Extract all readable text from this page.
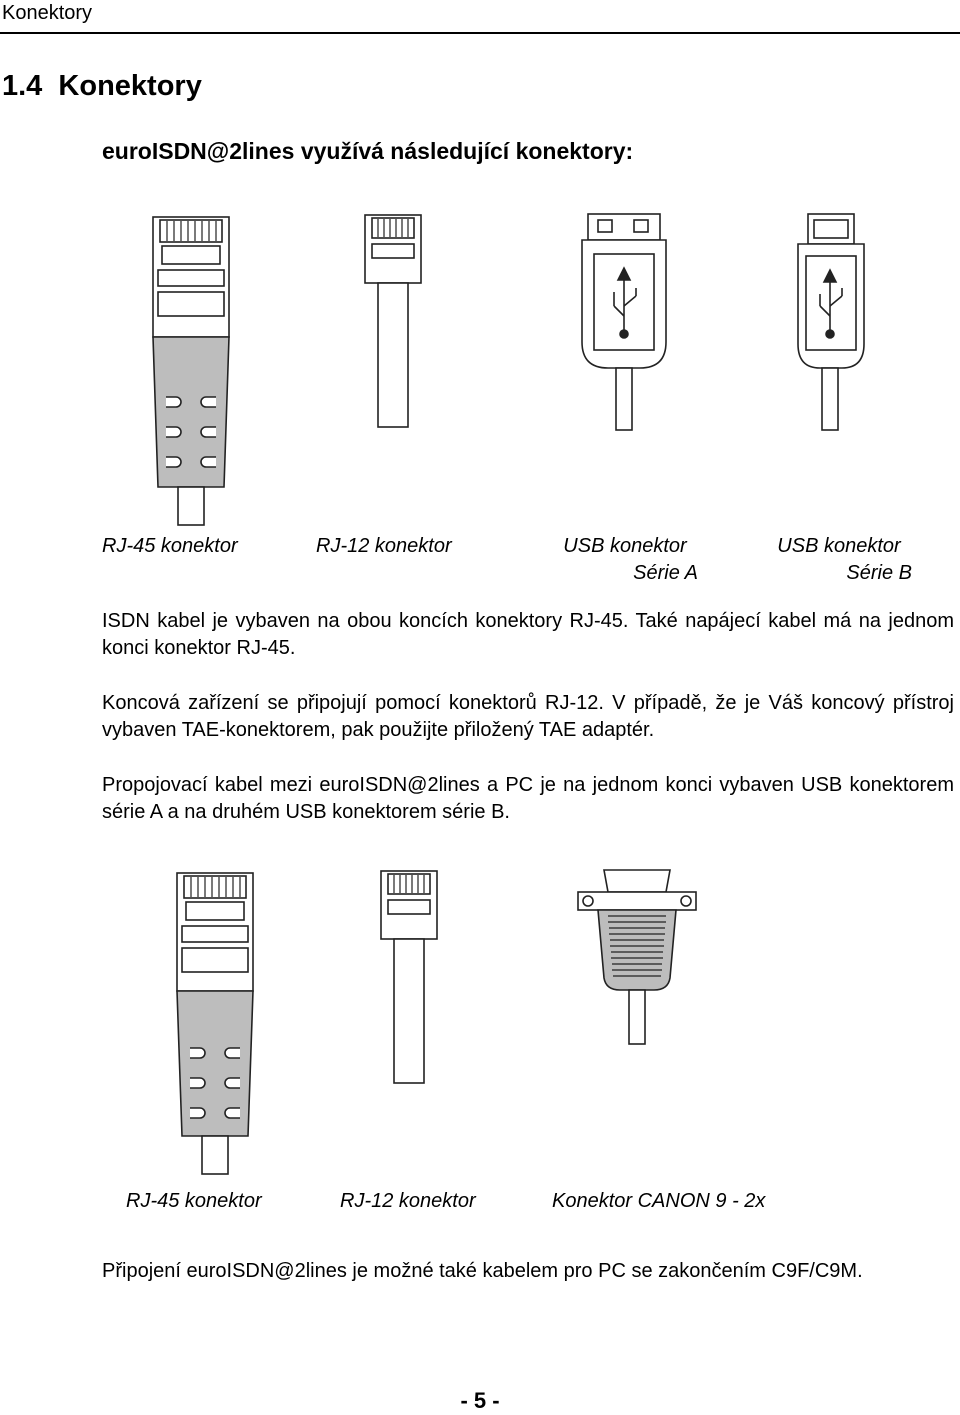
Konektory
1.4  Konektory
euroISDN@2lines využívá následující konektory:
RJ-45 konektor	RJ-12 konektor	USB konektor
Série A
USB konektor
Série B
ISDN kabel je vybaven na obou koncích konektory RJ-45. Také napájecí kabel má na jednom konci konektor RJ-45.
Koncová zařízení se připojují pomocí konektorů RJ-12. V případě, že je Váš koncový přístroj vybaven TAE-konektorem, pak použijte přiložený TAE adaptér.
Propojovací kabel mezi euroISDN@2lines a PC je na jednom konci vybaven USB konektorem série A a na druhém USB konektorem série B.
RJ-45 konektor	RJ-12 konektor	Konektor CANON 9 - 2x
Připojení euroISDN@2lines je možné také kabelem pro PC se zakončením C9F/C9M.
- 5 -
